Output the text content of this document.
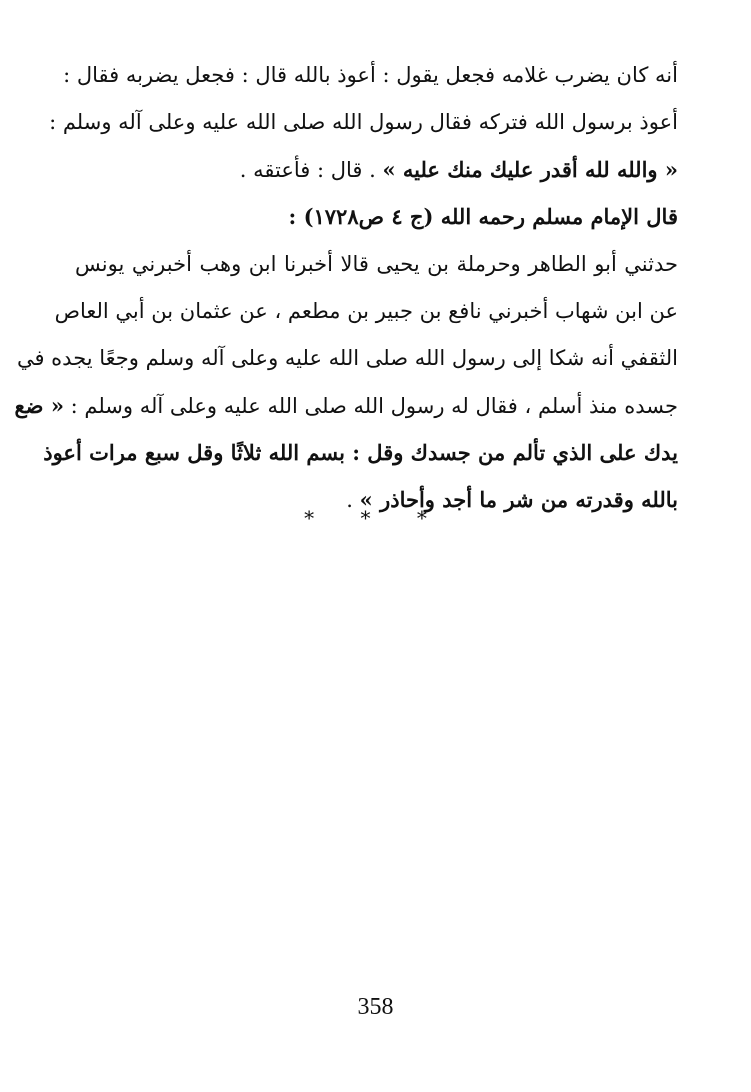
أنه كان يضرب غلامه فجعل يقول : أعوذ بالله قال : فجعل يضربه فقال :
أعوذ برسول الله فتركه فقال رسول الله صلى الله عليه وعلى آله وسلم :
« والله لله أقدر عليك منك عليه » . قال : فأعتقه .
قال الإمام مسلم رحمه الله (ج ٤ ص١٧٢٨) :
حدثني أبو الطاهر وحرملة بن يحيى قالا أخبرنا ابن وهب أخبرني يونس
عن ابن شهاب أخبرني نافع بن جبير بن مطعم ، عن عثمان بن أبي العاص
الثقفي أنه شكا إلى رسول الله صلى الله عليه وعلى آله وسلم وجعًا يجده في
جسده منذ أسلم ، فقال له رسول الله صلى الله عليه وعلى آله وسلم : « ضع
يدك على الذي تألم من جسدك وقل : بسم الله ثلاثًا وقل سبع مرات أعوذ
بالله وقدرته من شر ما أجد وأحاذر » .
* * *
358
